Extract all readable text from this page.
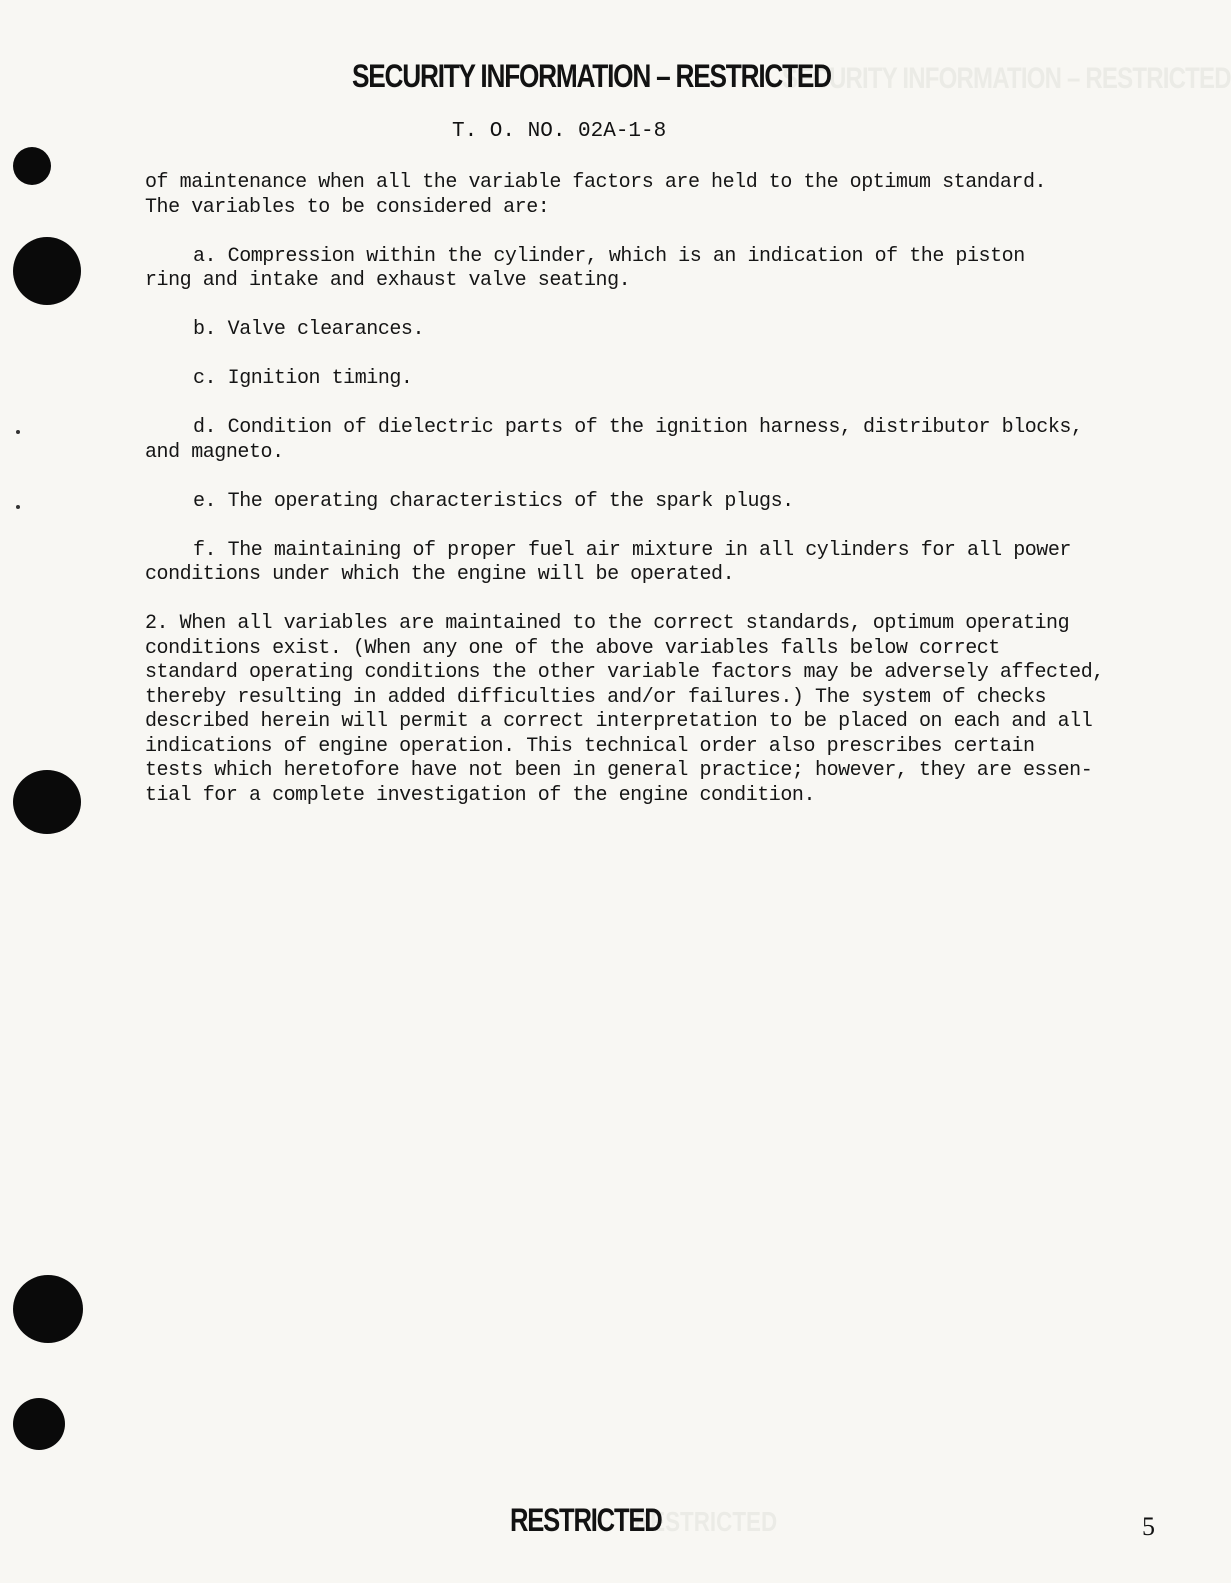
SECURITY INFORMATION – RESTRICTED
SECURITY INFORMATION – RESTRICTED
T. O. NO. 02A-1-8

of maintenance when all the variable factors are held to the optimum standard.
The variables to be considered are:

a. Compression within the cylinder, which is an indication of the piston
ring and intake and exhaust valve seating.

b. Valve clearances.

c. Ignition timing.

d. Condition of dielectric parts of the ignition harness, distributor blocks,
and magneto.

e. The operating characteristics of the spark plugs.

f. The maintaining of proper fuel air mixture in all cylinders for all power
conditions under which the engine will be operated.

2. When all variables are maintained to the correct standards, optimum operating
conditions exist. (When any one of the above variables falls below correct
standard operating conditions the other variable factors may be adversely affected,
thereby resulting in added difficulties and/or failures.) The system of checks
described herein will permit a correct interpretation to be placed on each and all
indications of engine operation. This technical order also prescribes certain
tests which heretofore have not been in general practice; however, they are essen-
tial for a complete investigation of the engine condition.

RESTRICTED
RESTRICTED	5
